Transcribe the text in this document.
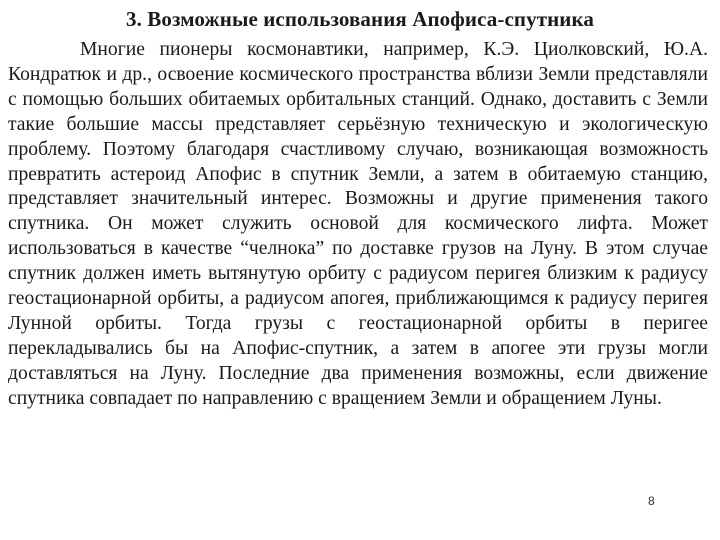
3. Возможные использования Апофиса-спутника

Многие пионеры космонавтики, например, К.Э. Циолковский, Ю.А. Кондратюк и др., освоение космического пространства вблизи Земли представляли с помощью больших обитаемых орбитальных станций. Однако, доставить с Земли такие большие массы представляет серьёзную техническую и экологическую проблему. Поэтому благодаря счастливому случаю, возникающая возможность превратить астероид Апофис в спутник Земли, а затем в обитаемую станцию, представляет значительный интерес. Возможны и другие применения такого спутника. Он может служить основой для космического лифта. Может использоваться в качестве “челнока” по доставке грузов на Луну. В этом случае спутник должен иметь вытянутую орбиту с радиусом перигея близким к радиусу геостационарной орбиты, а радиусом апогея, приближающимся к радиусу перигея Лунной орбиты. Тогда грузы с геостационарной орбиты в перигее перекладывались бы на Апофис-спутник, а затем в апогее эти грузы могли доставляться на Луну. Последние два применения возможны, если движение спутника совпадает по направлению с вращением Земли и обращением Луны.

8
